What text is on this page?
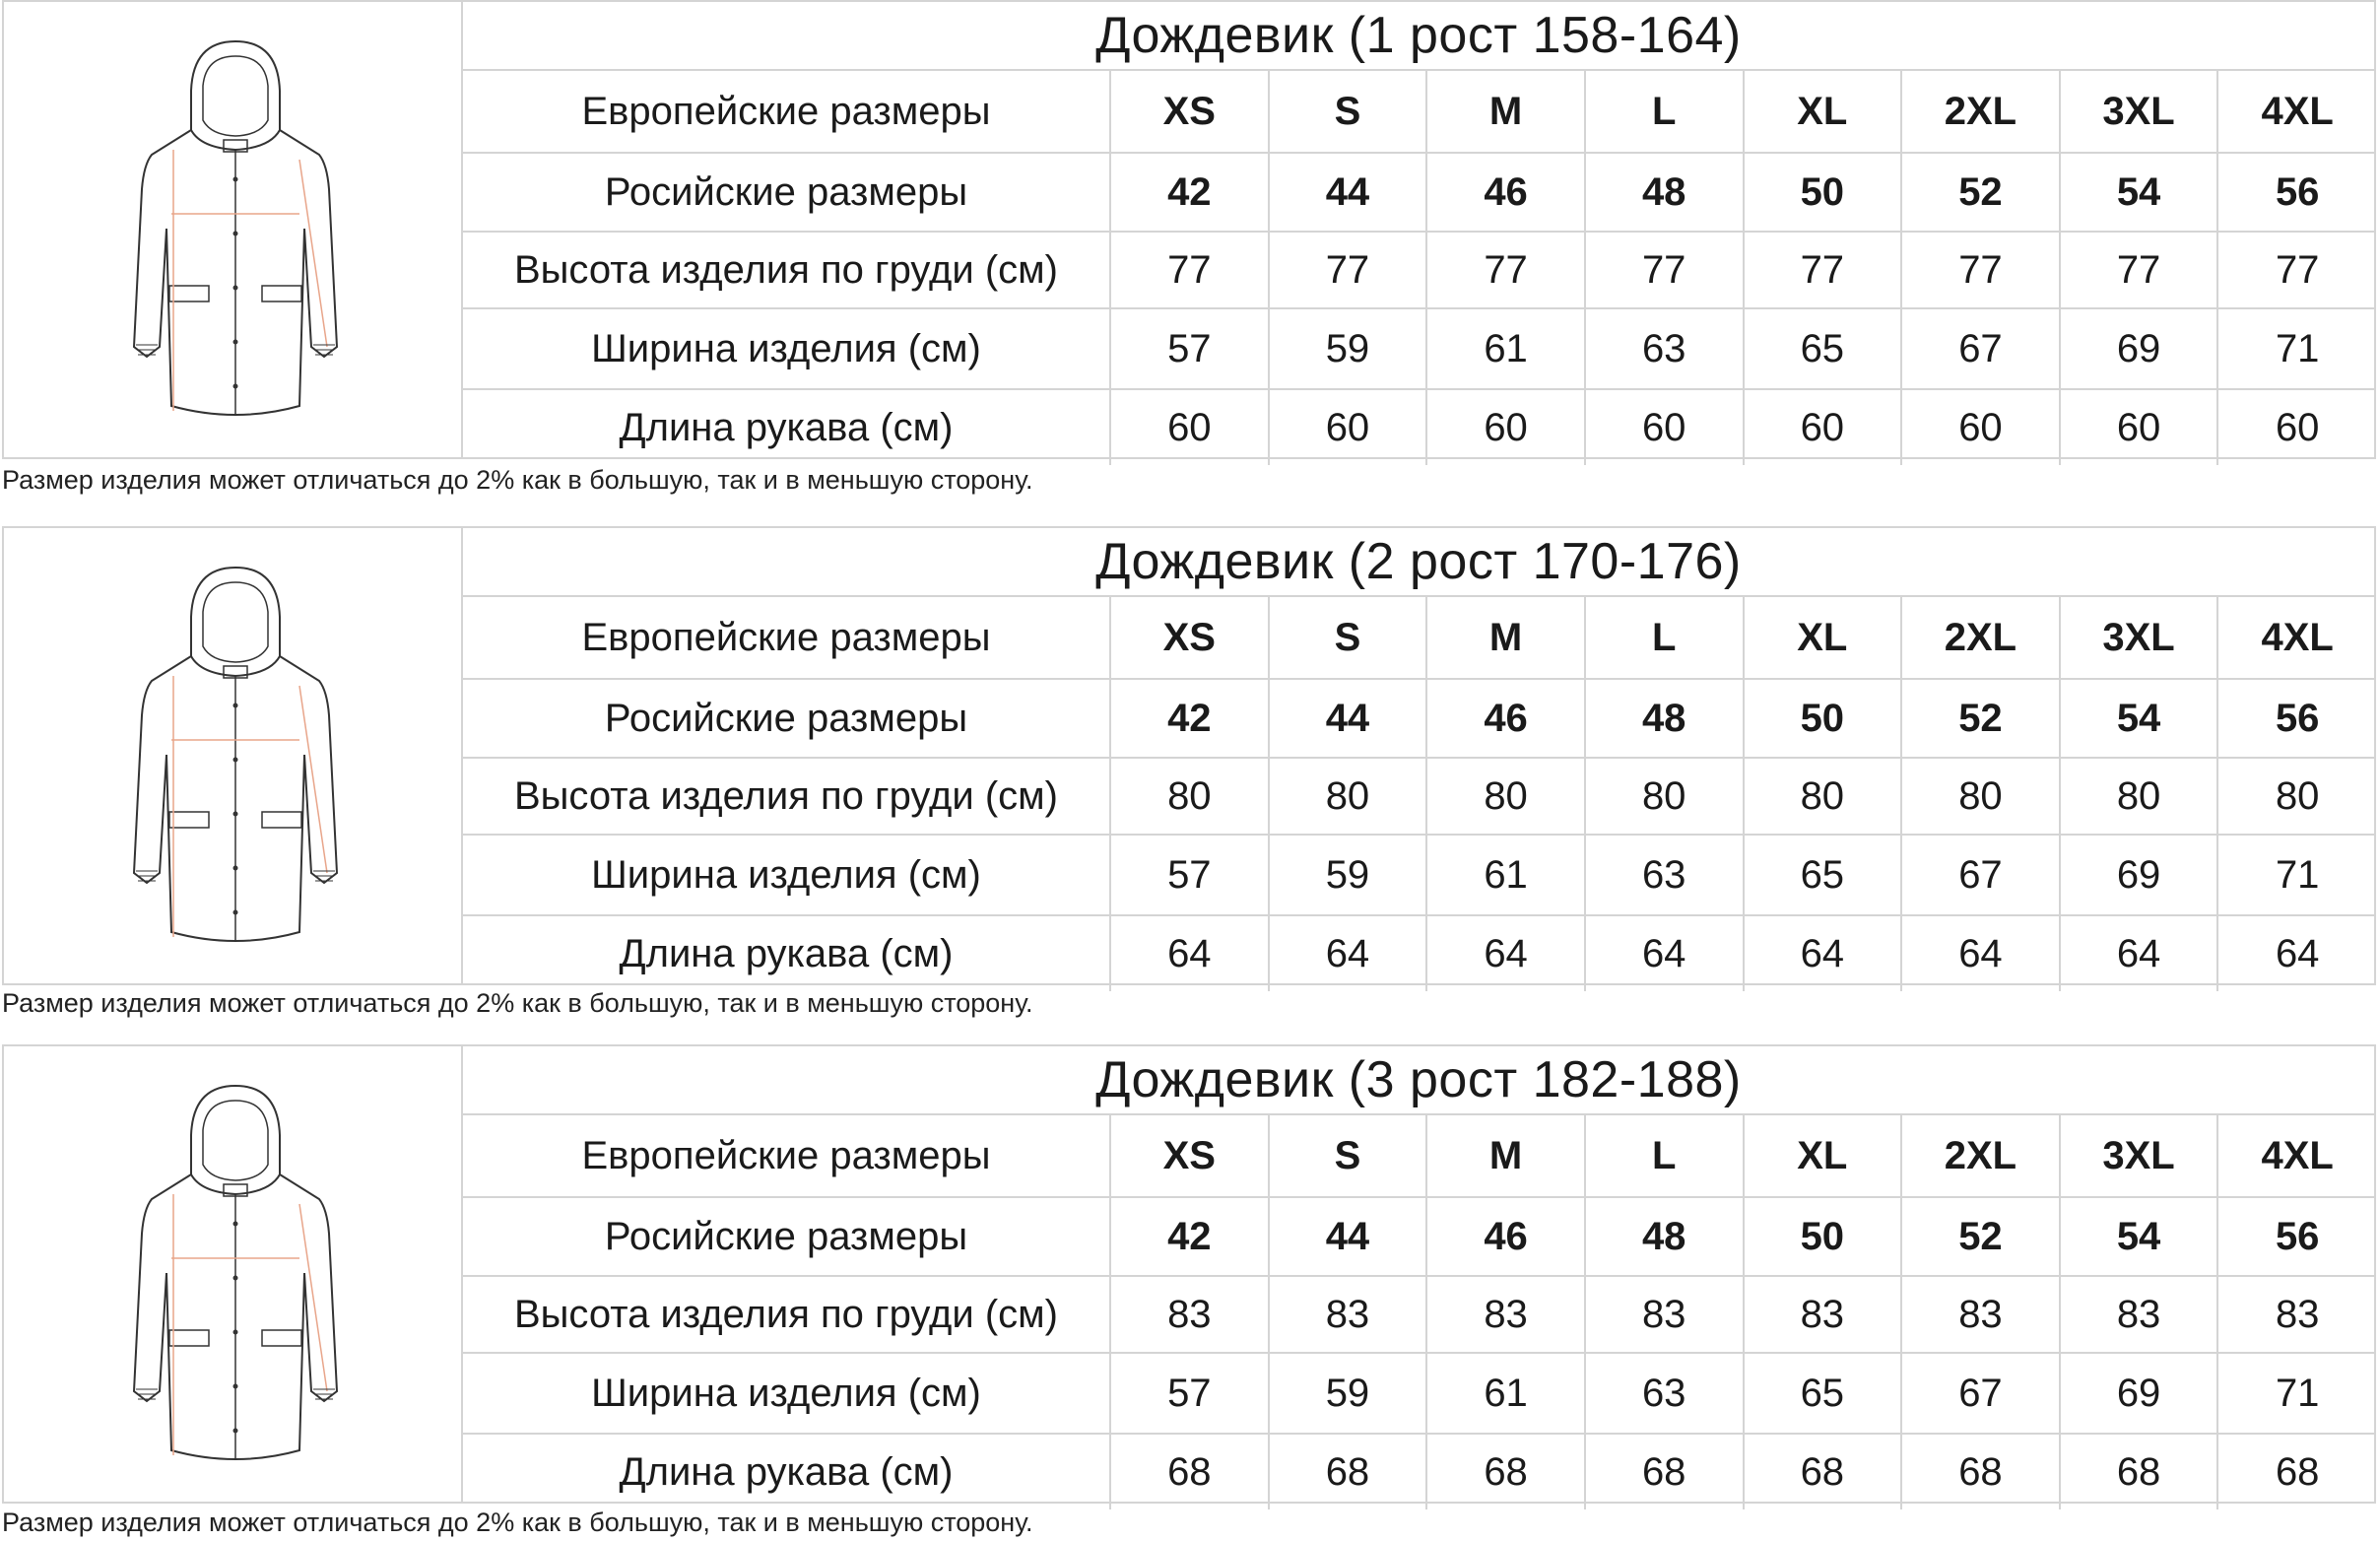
Дождевик (1 рост 158-164)
Европейские размеры	XS	S	M	L	XL	2XL	3XL	4XL
Росийские размеры	42	44	46	48	50	52	54	56
Высота изделия по груди (см)	77	77	77	77	77	77	77	77
Ширина изделия (см)	57	59	61	63	65	67	69	71
Длина рукава (см)	60	60	60	60	60	60	60	60
Размер изделия может отличаться до 2% как в большую, так и в меньшую сторону.
Дождевик (2 рост 170-176)
Европейские размеры	XS	S	M	L	XL	2XL	3XL	4XL
Росийские размеры	42	44	46	48	50	52	54	56
Высота изделия по груди (см)	80	80	80	80	80	80	80	80
Ширина изделия (см)	57	59	61	63	65	67	69	71
Длина рукава (см)	64	64	64	64	64	64	64	64
Размер изделия может отличаться до 2% как в большую, так и в меньшую сторону.
Дождевик (3 рост 182-188)
Европейские размеры	XS	S	M	L	XL	2XL	3XL	4XL
Росийские размеры	42	44	46	48	50	52	54	56
Высота изделия по груди (см)	83	83	83	83	83	83	83	83
Ширина изделия (см)	57	59	61	63	65	67	69	71
Длина рукава (см)	68	68	68	68	68	68	68	68
Размер изделия может отличаться до 2% как в большую, так и в меньшую сторону.
